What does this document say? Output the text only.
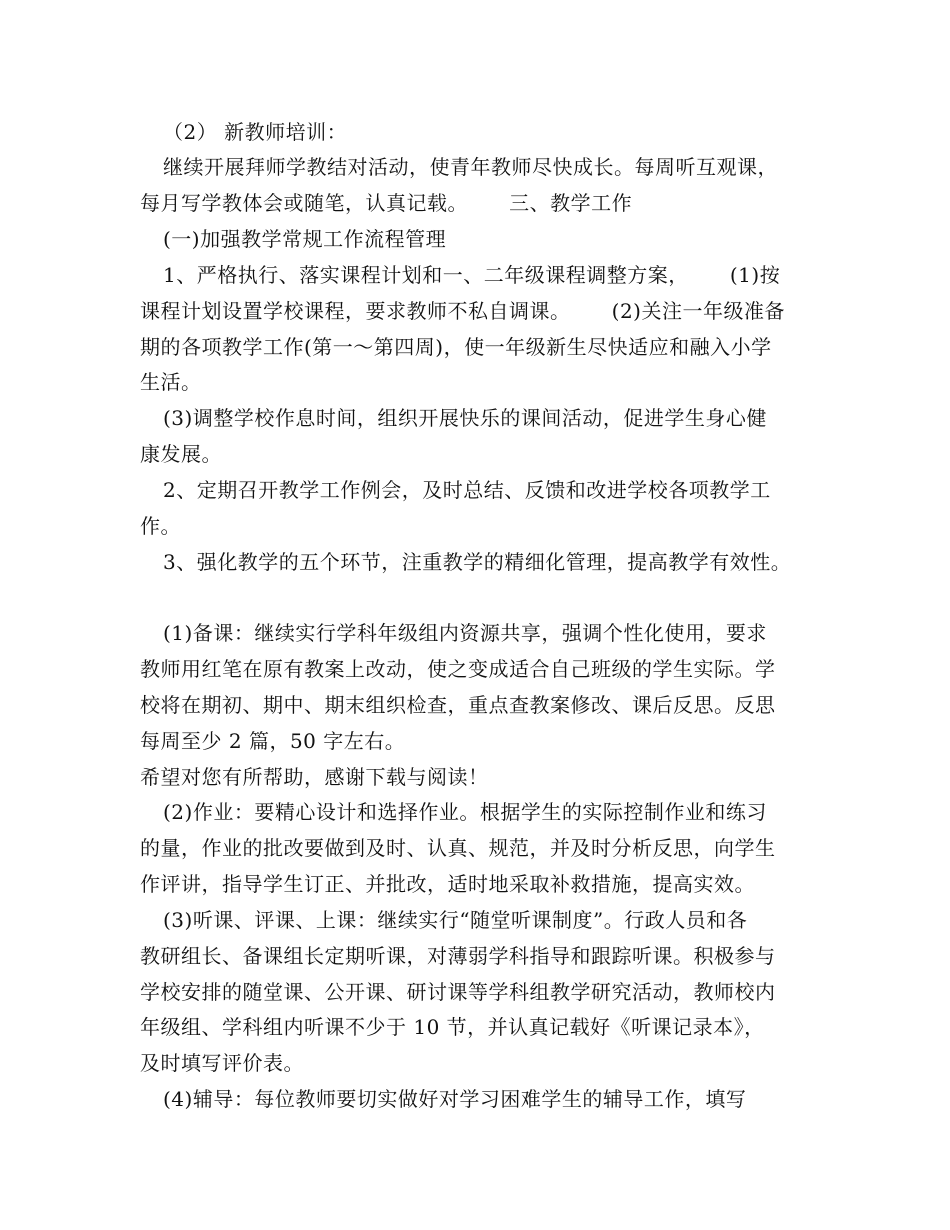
（2） 新教师培训：
继续开展拜师学教结对活动，使青年教师尽快成长。每周听互观课，
每月写学教体会或随笔，认真记载。      三、教学工作
(一)加强教学常规工作流程管理
1、严格执行、落实课程计划和一、二年级课程调整方案，      (1)按
课程计划设置学校课程，要求教师不私自调课。      (2)关注一年级准备
期的各项教学工作(第一～第四周)，使一年级新生尽快适应和融入小学
生活。
(3)调整学校作息时间，组织开展快乐的课间活动，促进学生身心健
康发展。
2、定期召开教学工作例会，及时总结、反馈和改进学校各项教学工
作。
3、强化教学的五个环节，注重教学的精细化管理，提高教学有效性。
(1)备课：继续实行学科年级组内资源共享，强调个性化使用，要求
教师用红笔在原有教案上改动，使之变成适合自己班级的学生实际。学
校将在期初、期中、期末组织检查，重点查教案修改、课后反思。反思
每周至少 2 篇，50 字左右。
希望对您有所帮助，感谢下载与阅读！
(2)作业：要精心设计和选择作业。根据学生的实际控制作业和练习
的量，作业的批改要做到及时、认真、规范，并及时分析反思，向学生
作评讲，指导学生订正、并批改，适时地采取补救措施，提高实效。
(3)听课、评课、上课：继续实行“随堂听课制度”。行政人员和各
教研组长、备课组长定期听课，对薄弱学科指导和跟踪听课。积极参与
学校安排的随堂课、公开课、研讨课等学科组教学研究活动，教师校内
年级组、学科组内听课不少于 10 节，并认真记载好《听课记录本》，
及时填写评价表。
(4)辅导：每位教师要切实做好对学习困难学生的辅导工作，填写
